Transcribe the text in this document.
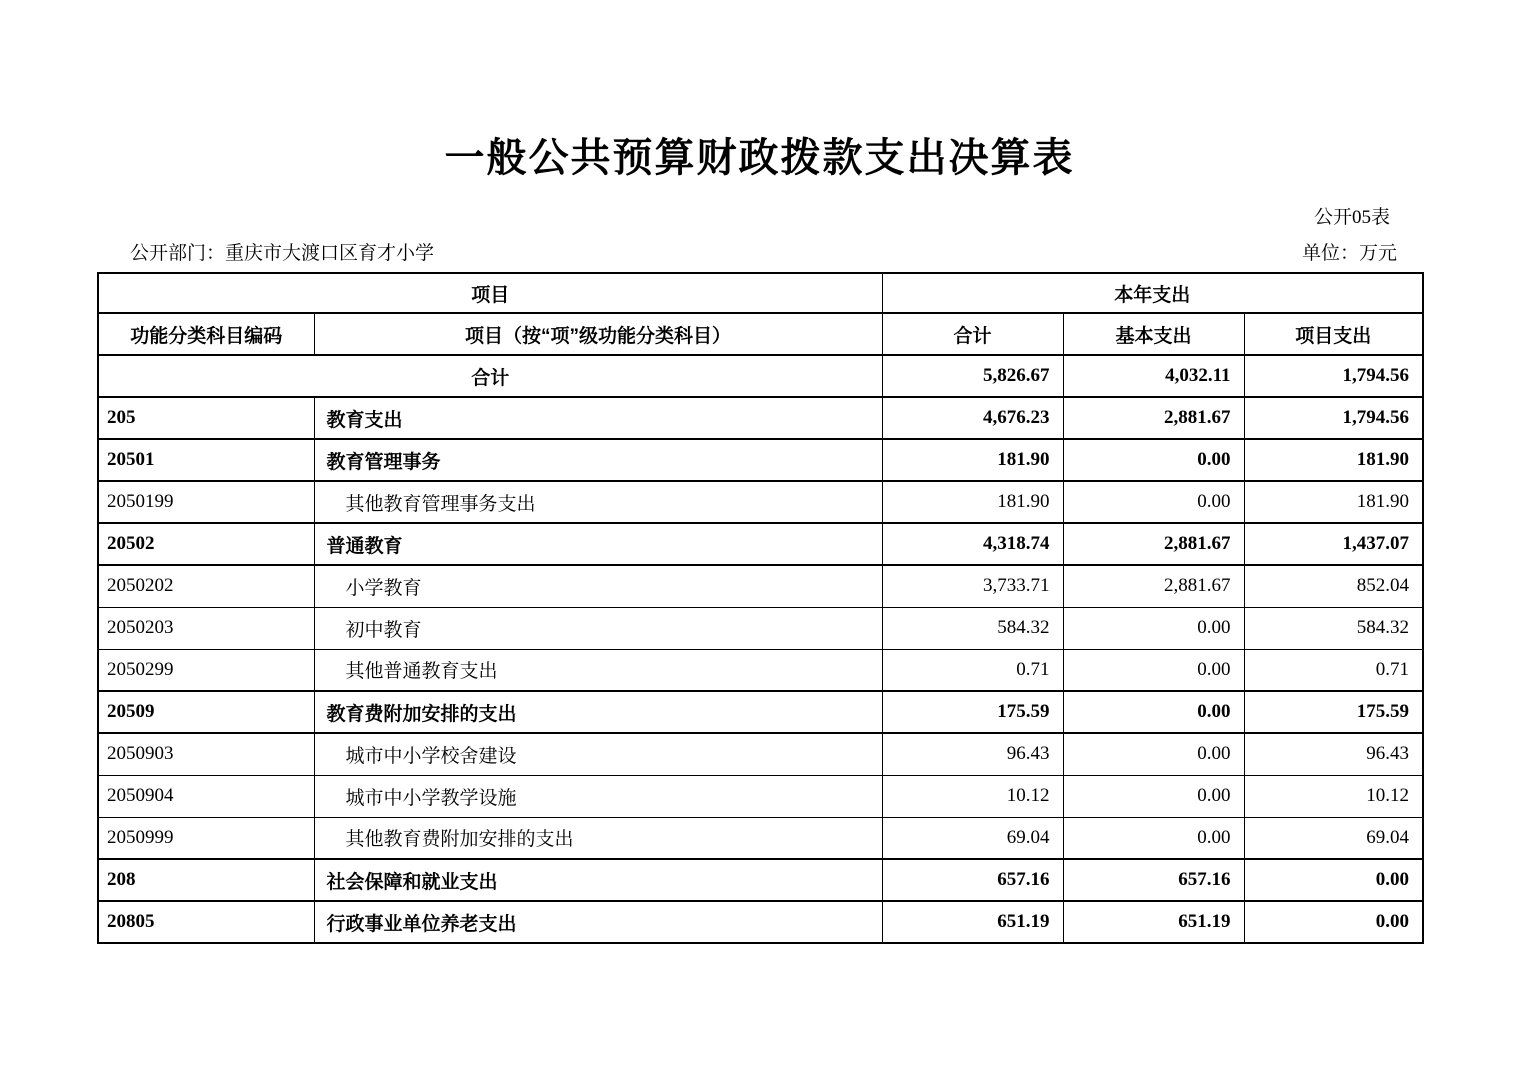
一般公共预算财政拨款支出决算表
公开05表
公开部门：重庆市大渡口区育才小学	单位：万元
项目		本年支出		
功能分类科目编码	项目（按“项”级功能分类科目）	合计	基本支出	项目支出
合计		5,826.67	4,032.11	1,794.56
205	教育支出	4,676.23	2,881.67	1,794.56
20501	教育管理事务	181.90	0.00	181.90
2050199	其他教育管理事务支出	181.90	0.00	181.90
20502	普通教育	4,318.74	2,881.67	1,437.07
2050202	小学教育	3,733.71	2,881.67	852.04
2050203	初中教育	584.32	0.00	584.32
2050299	其他普通教育支出	0.71	0.00	0.71
20509	教育费附加安排的支出	175.59	0.00	175.59
2050903	城市中小学校舍建设	96.43	0.00	96.43
2050904	城市中小学教学设施	10.12	0.00	10.12
2050999	其他教育费附加安排的支出	69.04	0.00	69.04
208	社会保障和就业支出	657.16	657.16	0.00
20805	行政事业单位养老支出	651.19	651.19	0.00
